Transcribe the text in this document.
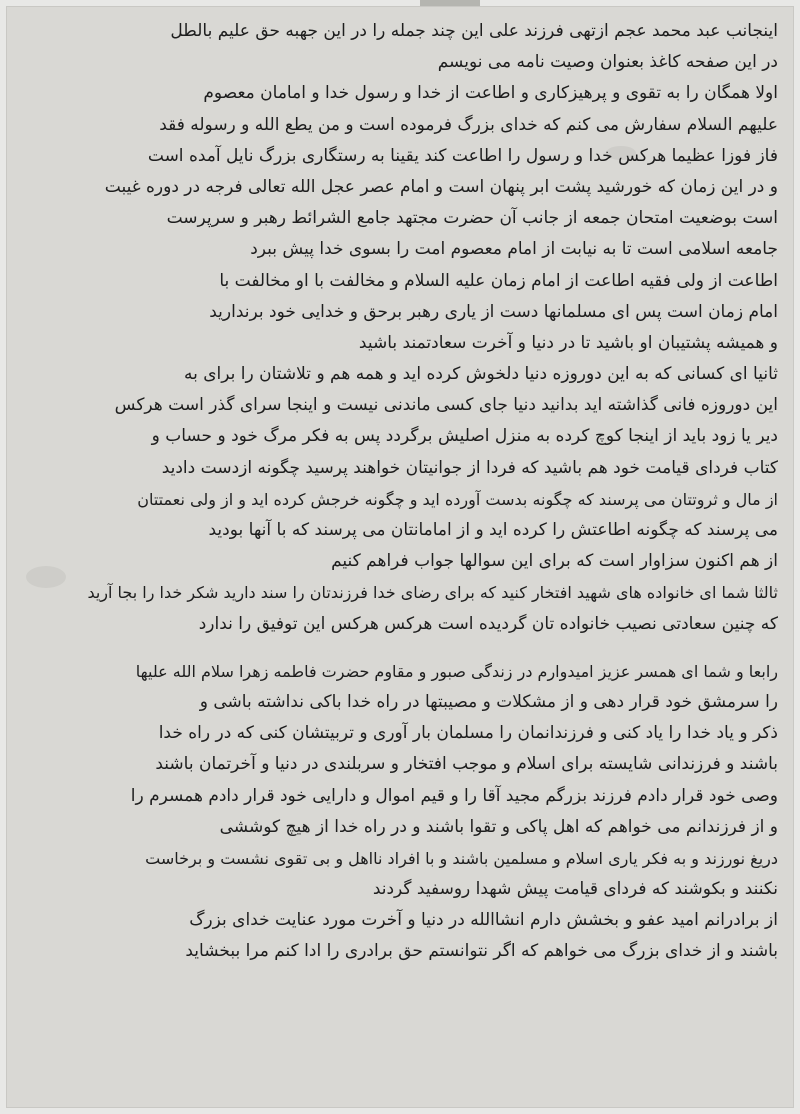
اینجانب عبد محمد عجم ازتهی فرزند علی این چند جمله را در این جهبه حق علیم بالطل
در این صفحه کاغذ بعنوان وصیت نامه می نویسم
اولا همگان را به تقوی و پرهیزکاری و اطاعت از خدا و رسول خدا و امامان معصوم
علیهم السلام سفارش می کنم که خدای بزرگ فرموده است و من یطع الله و رسوله فقد
فاز فوزا عظیما هرکس خدا و رسول را اطاعت کند یقینا به رستگاری بزرگ نایل آمده است
و در این زمان که خورشید پشت ابر پنهان است و امام عصر عجل الله تعالی فرجه در دوره غیبت
است بوضعیت امتحان جمعه از جانب آن حضرت مجتهد جامع الشرائط رهبر و سرپرست
جامعه اسلامی است تا به نیابت از امام معصوم امت را بسوی خدا پیش ببرد
اطاعت از ولی فقیه اطاعت از امام زمان علیه السلام و مخالفت با او مخالفت با
امام زمان است پس ای مسلمانها دست از یاری رهبر برحق و خدایی خود برندارید
و همیشه پشتیبان او باشید تا در دنیا و آخرت سعادتمند باشید
ثانیا ای کسانی که به این دوروزه دنیا دلخوش کرده اید و همه هم و تلاشتان را برای به
این دوروزه فانی گذاشته اید بدانید دنیا جای کسی ماندنی نیست و اینجا سرای گذر است هرکس
دیر یا زود باید از اینجا کوچ کرده به منزل اصلیش برگردد پس به فکر مرگ خود و حساب و
کتاب فردای قیامت خود هم باشید که فردا از جوانیتان خواهند پرسید چگونه ازدست دادید
از مال و ثروتتان می پرسند که چگونه بدست آورده اید و چگونه خرجش کرده اید و از ولی نعمتتان
می پرسند که چگونه اطاعتش را کرده اید و از امامانتان می پرسند که با آنها بودید
از هم اکنون سزاوار است که برای این سوالها جواب فراهم کنیم
ثالثا شما ای خانواده های شهید افتخار کنید که برای رضای خدا فرزندتان را سند دارید شکر خدا را بجا آرید
که چنین سعادتی نصیب خانواده تان گردیده است هرکس هرکس این توفیق را ندارد
رابعا و شما ای همسر عزیز امیدوارم در زندگی صبور و مقاوم حضرت فاطمه زهرا سلام الله علیها
را سرمشق خود قرار دهی و از مشکلات و مصیبتها در راه خدا باکی نداشته باشی و
ذکر و یاد خدا را یاد کنی و فرزندانمان را مسلمان بار آوری و تربیتشان کنی که در راه خدا
باشند و فرزندانی شایسته برای اسلام و موجب افتخار و سربلندی در دنیا و آخرتمان باشند
وصی خود قرار دادم فرزند بزرگم مجید آقا را و قیم اموال و دارایی خود قرار دادم همسرم را
و از فرزندانم می خواهم که اهل پاکی و تقوا باشند و در راه خدا از هیچ کوششی
دریغ نورزند و به فکر یاری اسلام و مسلمین باشند و با افراد نااهل و بی تقوی نشست و برخاست
نکنند و بکوشند که فردای قیامت پیش شهدا روسفید گردند
از برادرانم امید عفو و بخشش دارم انشاالله در دنیا و آخرت مورد عنایت خدای بزرگ
باشند و از خدای بزرگ می خواهم که اگر نتوانستم حق برادری را ادا کنم مرا ببخشاید
